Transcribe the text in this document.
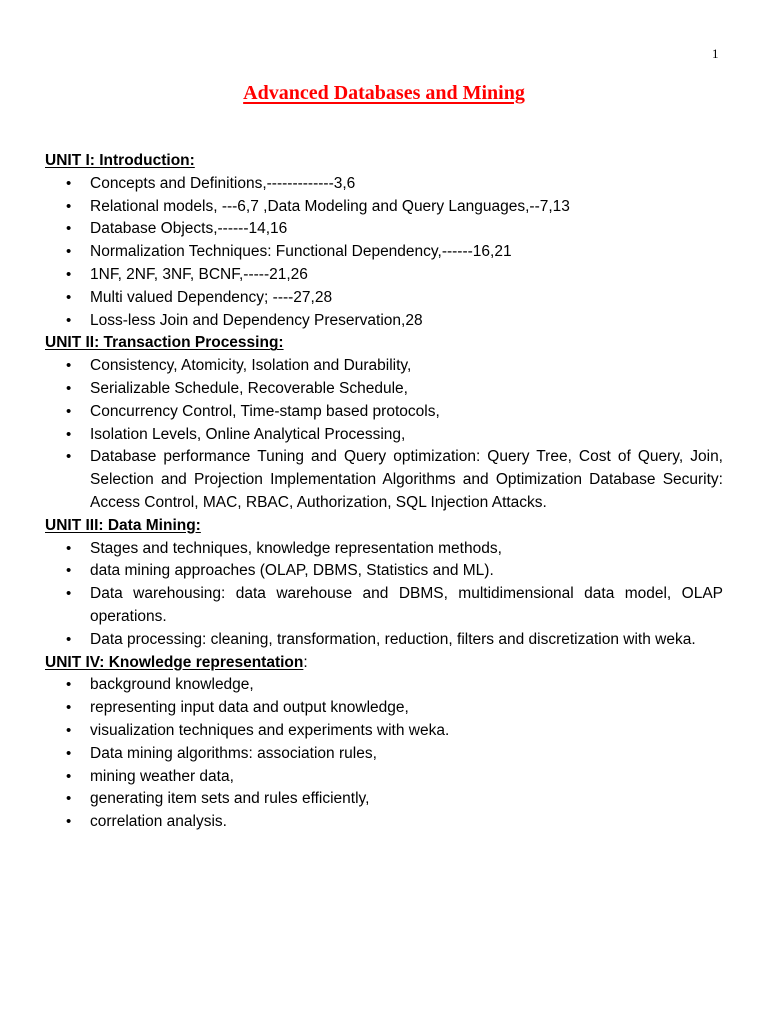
1
Advanced Databases and Mining

UNIT I: Introduction:

• Concepts and Definitions,-------------3,6
• Relational models, ---6,7 ,Data Modeling and Query Languages,--7,13
• Database Objects,------14,16
• Normalization Techniques: Functional Dependency,------16,21
• 1NF, 2NF, 3NF, BCNF,-----21,26
• Multi valued Dependency; ----27,28
• Loss-less Join and Dependency Preservation,28

UNIT II: Transaction Processing:

• Consistency, Atomicity, Isolation and Durability,
• Serializable Schedule, Recoverable Schedule,
• Concurrency Control, Time-stamp based protocols,
• Isolation Levels, Online Analytical Processing,
• Database performance Tuning and Query optimization: Query Tree, Cost of Query, Join, Selection and Projection Implementation Algorithms and Optimization Database Security: Access Control, MAC, RBAC, Authorization, SQL Injection Attacks.

UNIT III: Data Mining:

• Stages and techniques, knowledge representation methods,
• data mining approaches (OLAP, DBMS, Statistics and ML).
• Data warehousing: data warehouse and DBMS, multidimensional data model, OLAP operations.
• Data processing: cleaning, transformation, reduction, filters and discretization with weka.

UNIT IV: Knowledge representation:

• background knowledge,
• representing input data and output knowledge,
• visualization techniques and experiments with weka.
• Data mining algorithms: association rules,
• mining weather data,
• generating item sets and rules efficiently,
• correlation analysis.
